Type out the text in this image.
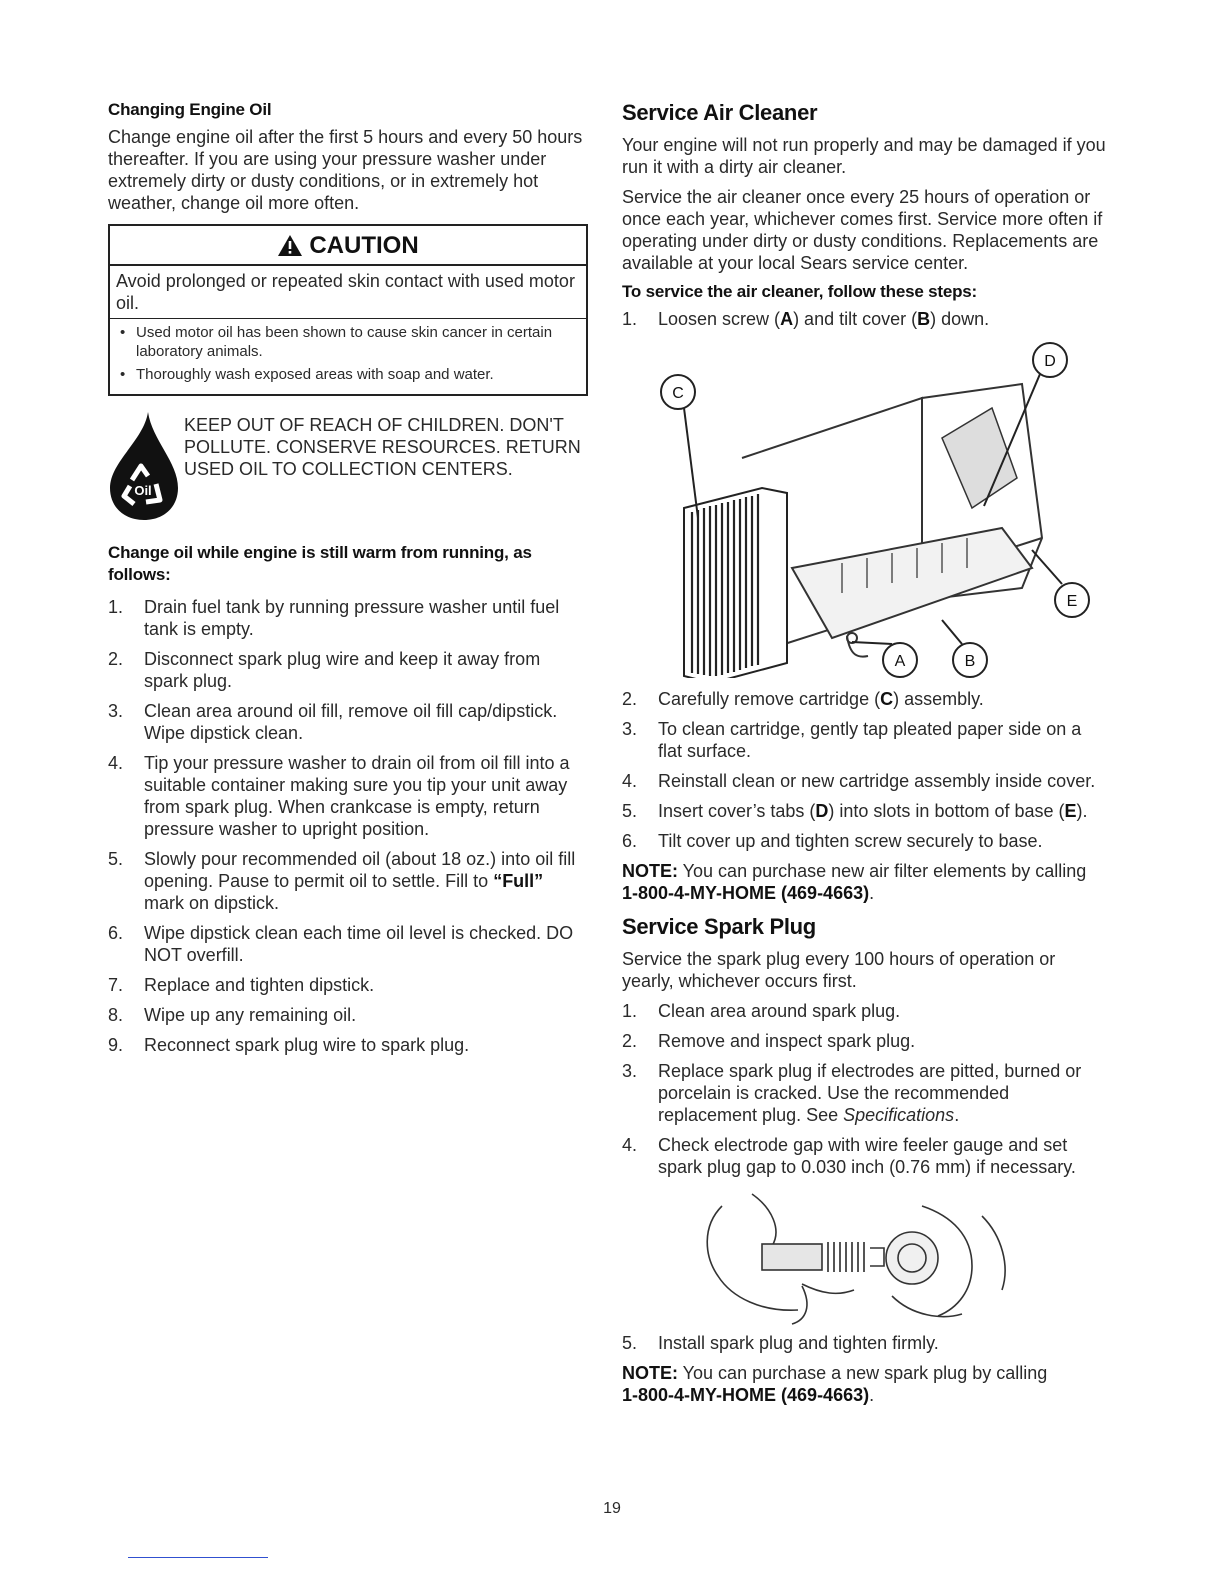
Changing Engine Oil

Change engine oil after the first 5 hours and every 50 hours thereafter. If you are using your pressure washer under extremely dirty or dusty conditions, or in extremely hot weather, change oil more often.

CAUTION
Avoid prolonged or repeated skin contact with used motor oil.
• Used motor oil has been shown to cause skin cancer in certain laboratory animals.
• Thoroughly wash exposed areas with soap and water.
Oil
KEEP OUT OF REACH OF CHILDREN. DON'T POLLUTE. CONSERVE RESOURCES. RETURN USED OIL TO COLLECTION CENTERS.
Change oil while engine is still warm from running, as follows:
1. Drain fuel tank by running pressure washer until fuel tank is empty.
2. Disconnect spark plug wire and keep it away from spark plug.
3. Clean area around oil fill, remove oil fill cap/dipstick. Wipe dipstick clean.
4. Tip your pressure washer to drain oil from oil fill into a suitable container making sure you tip your unit away from spark plug. When crankcase is empty, return pressure washer to upright position.
5. Slowly pour recommended oil (about 18 oz.) into oil fill opening. Pause to permit oil to settle. Fill to “Full” mark on dipstick.
6. Wipe dipstick clean each time oil level is checked. DO NOT overfill.
7. Replace and tighten dipstick.
8. Wipe up any remaining oil.
9. Reconnect spark plug wire to spark plug.
Service Air Cleaner

Your engine will not run properly and may be damaged if you run it with a dirty air cleaner.

Service the air cleaner once every 25 hours of operation or once each year, whichever comes first. Service more often if operating under dirty or dusty conditions. Replacements are available at your local Sears service center.

To service the air cleaner, follow these steps:
1. Loosen screw (A) and tilt cover (B) down.
C
D
E
A	B
2. Carefully remove cartridge (C) assembly.
3. To clean cartridge, gently tap pleated paper side on a flat surface.
4. Reinstall clean or new cartridge assembly inside cover.
5. Insert cover’s tabs (D) into slots in bottom of base (E).
6. Tilt cover up and tighten screw securely to base.
NOTE: You can purchase new air filter elements by calling
1-800-4-MY-HOME (469-4663).
Service Spark Plug

Service the spark plug every 100 hours of operation or yearly, whichever occurs first.

1. Clean area around spark plug.
2. Remove and inspect spark plug.
3. Replace spark plug if electrodes are pitted, burned or porcelain is cracked. Use the recommended replacement plug. See Specifications.
4. Check electrode gap with wire feeler gauge and set spark plug gap to 0.030 inch (0.76 mm) if necessary.
5. Install spark plug and tighten firmly.
NOTE: You can purchase a new spark plug by calling
1-800-4-MY-HOME (469-4663).
19
